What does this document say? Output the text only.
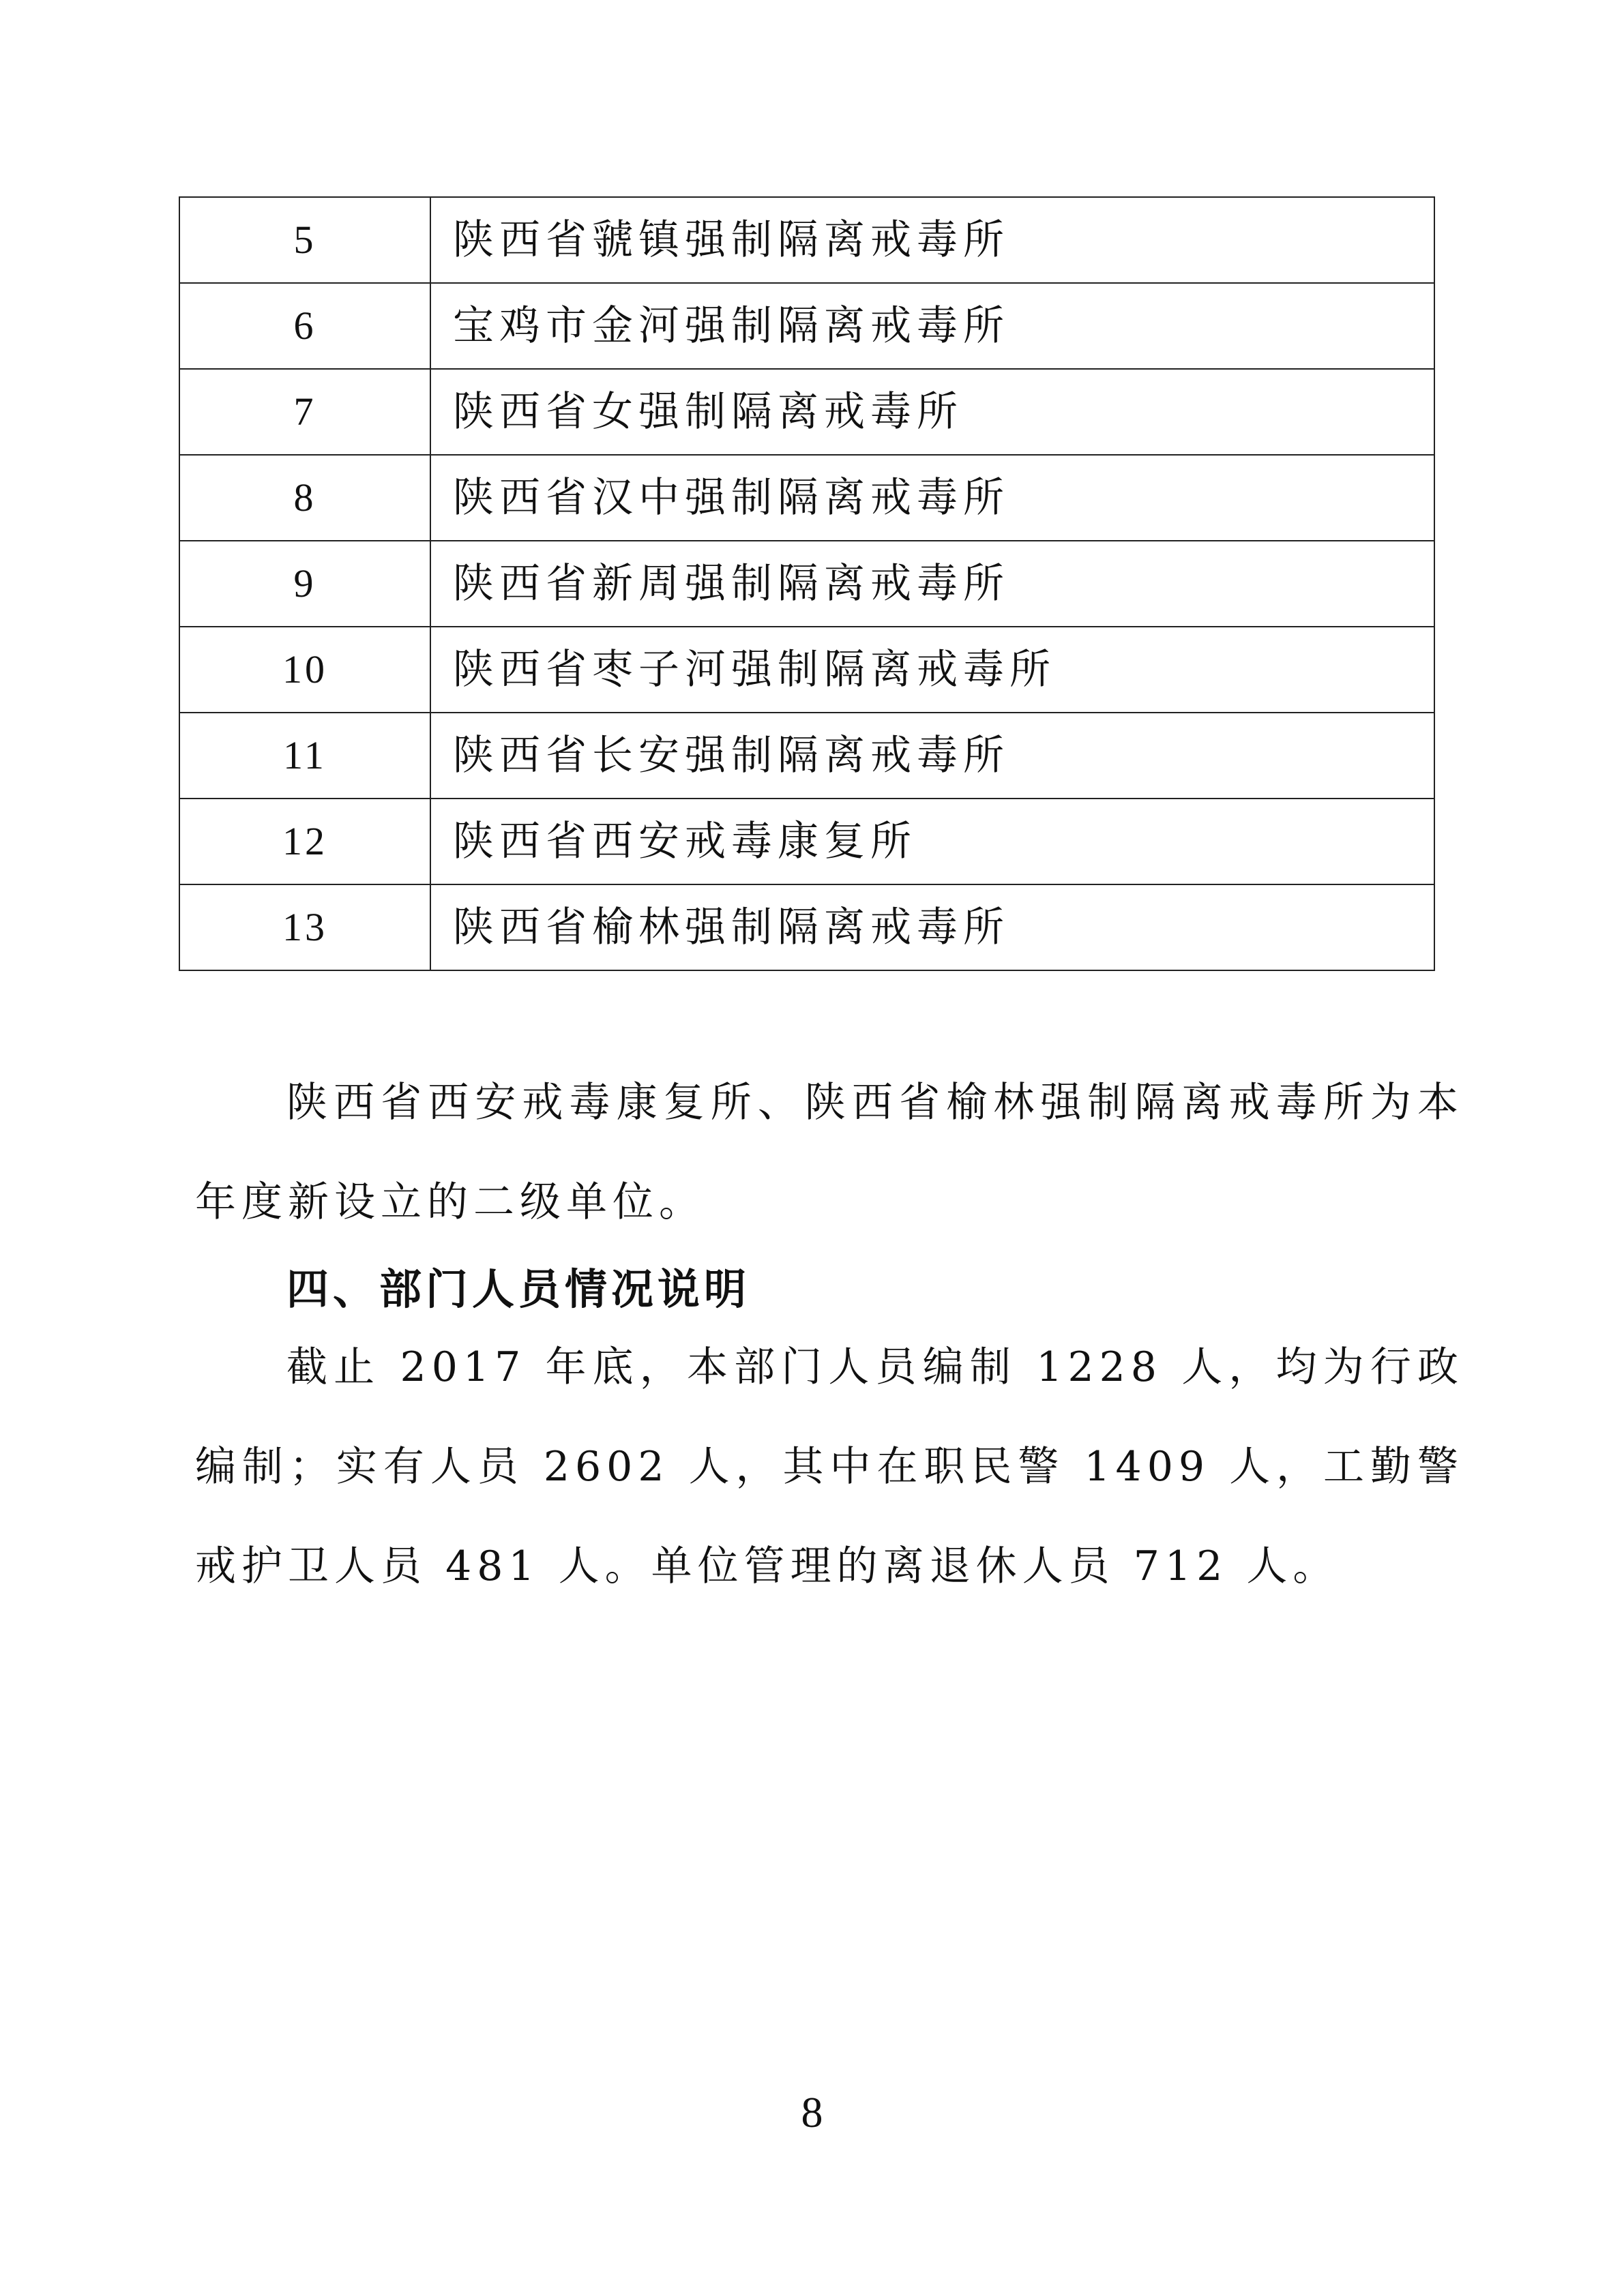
5	陕西省虢镇强制隔离戒毒所
6	宝鸡市金河强制隔离戒毒所
7	陕西省女强制隔离戒毒所
8	陕西省汉中强制隔离戒毒所
9	陕西省新周强制隔离戒毒所
10	陕西省枣子河强制隔离戒毒所
11	陕西省长安强制隔离戒毒所
12	陕西省西安戒毒康复所
13	陕西省榆林强制隔离戒毒所

陕西省西安戒毒康复所、陕西省榆林强制隔离戒毒所为本年度新设立的二级单位。

四、部门人员情况说明

截止 2017 年底，本部门人员编制 1228 人，均为行政编制；实有人员 2602 人，其中在职民警 1409 人，工勤警戒护卫人员 481 人。单位管理的离退休人员 712 人。

8
